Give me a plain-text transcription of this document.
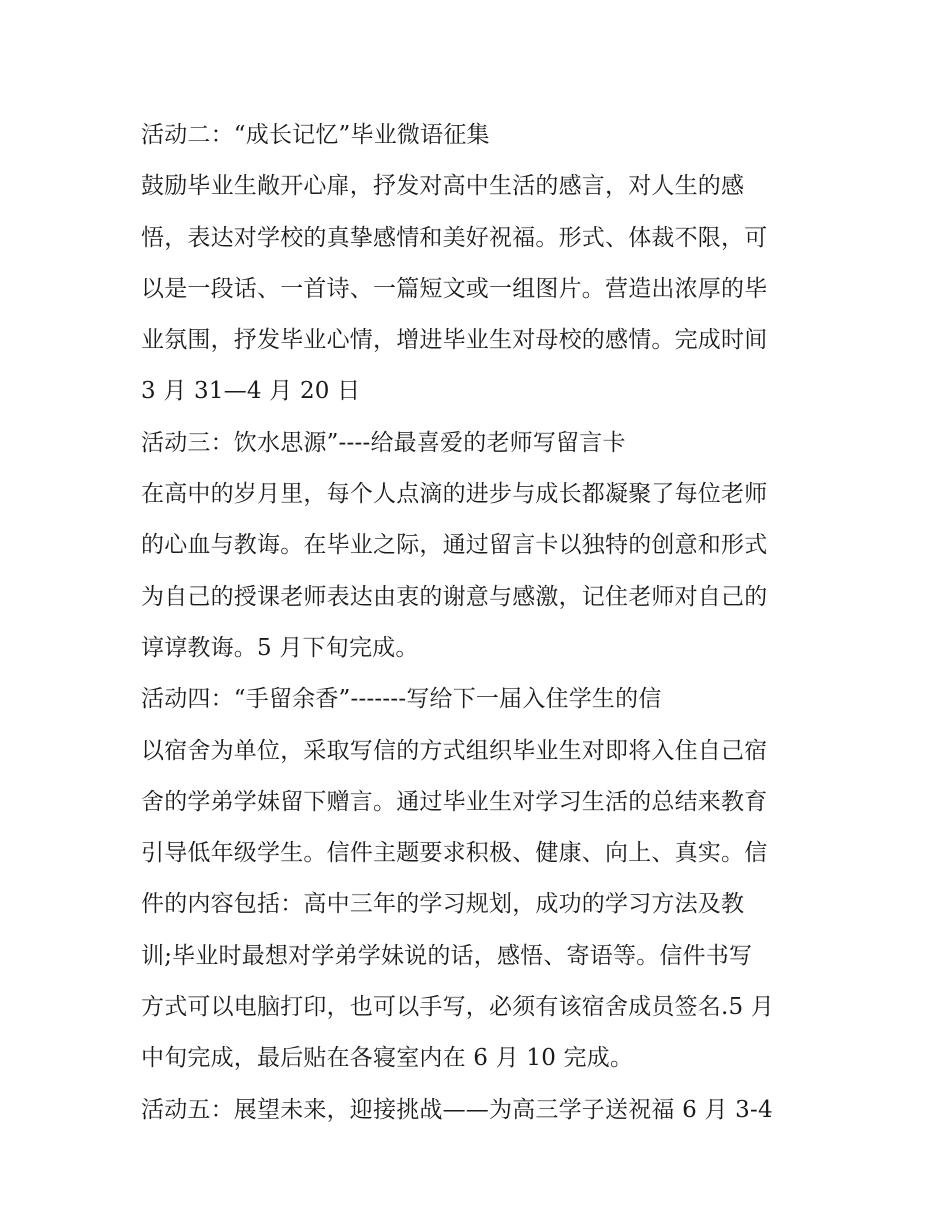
活动二：“成长记忆”毕业微语征集
鼓励毕业生敞开心扉，抒发对高中生活的感言，对人生的感
悟，表达对学校的真挚感情和美好祝福。形式、体裁不限，可
以是一段话、一首诗、一篇短文或一组图片。营造出浓厚的毕
业氛围，抒发毕业心情，增进毕业生对母校的感情。完成时间
3 月 31—4 月 20 日
活动三：饮水思源”----给最喜爱的老师写留言卡
在高中的岁月里，每个人点滴的进步与成长都凝聚了每位老师
的心血与教诲。在毕业之际，通过留言卡以独特的创意和形式
为自己的授课老师表达由衷的谢意与感激，记住老师对自己的
谆谆教诲。5 月下旬完成。
活动四：“手留余香”-------写给下一届入住学生的信
以宿舍为单位，采取写信的方式组织毕业生对即将入住自己宿
舍的学弟学妹留下赠言。通过毕业生对学习生活的总结来教育
引导低年级学生。信件主题要求积极、健康、向上、真实。信
件的内容包括：高中三年的学习规划，成功的学习方法及教
训;毕业时最想对学弟学妹说的话，感悟、寄语等。信件书写
方式可以电脑打印，也可以手写，必须有该宿舍成员签名.5 月
中旬完成，最后贴在各寝室内在 6 月 10 完成。
活动五：展望未来，迎接挑战——为高三学子送祝福 6 月 3-4
